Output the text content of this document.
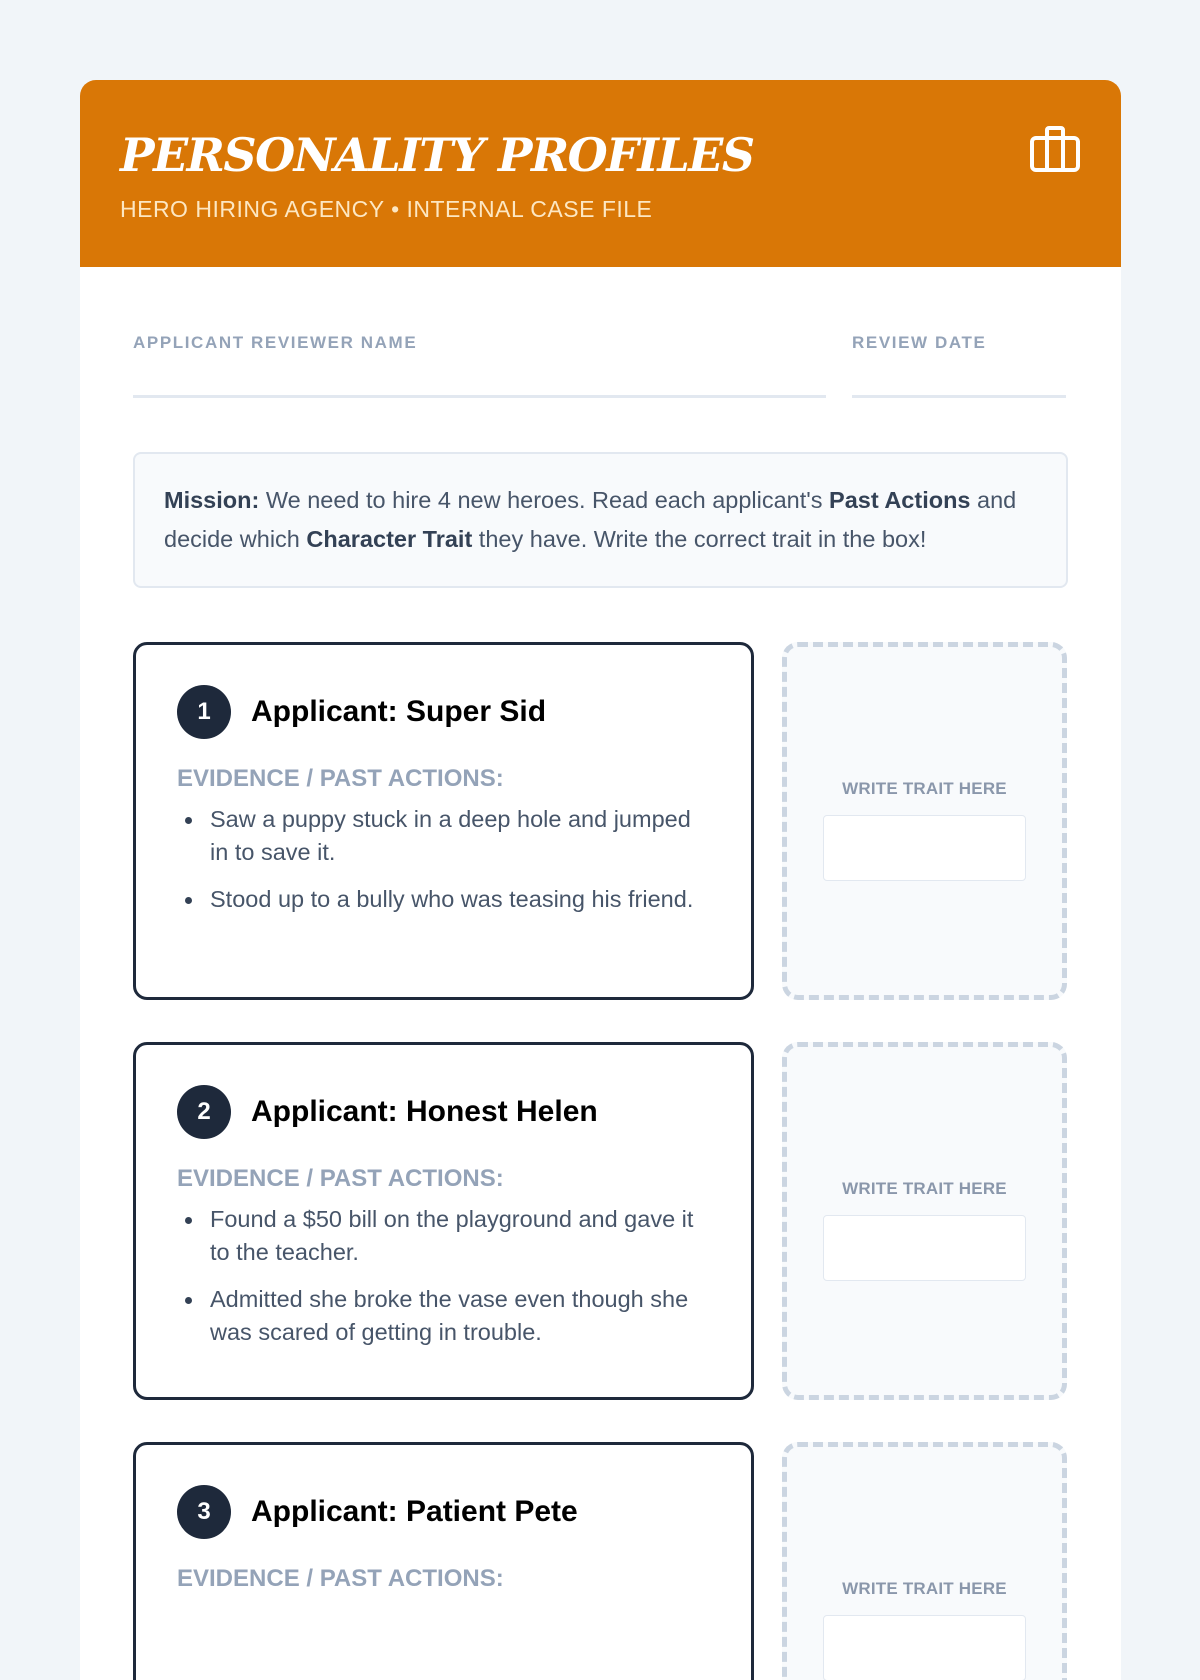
PERSONALITY PROFILES
HERO HIRING AGENCY • INTERNAL CASE FILE
APPLICANT REVIEWER NAME	REVIEW DATE
Mission: We need to hire 4 new heroes. Read each applicant's Past Actions and decide which Character Trait they have. Write the correct trait in the box!
1	Applicant: Super Sid
EVIDENCE / PAST ACTIONS:
Saw a puppy stuck in a deep hole and jumped in to save it.
Stood up to a bully who was teasing his friend.
WRITE TRAIT HERE
2	Applicant: Honest Helen
EVIDENCE / PAST ACTIONS:
Found a $50 bill on the playground and gave it to the teacher.
Admitted she broke the vase even though she was scared of getting in trouble.
WRITE TRAIT HERE
3	Applicant: Patient Pete
EVIDENCE / PAST ACTIONS:	WRITE TRAIT HERE
